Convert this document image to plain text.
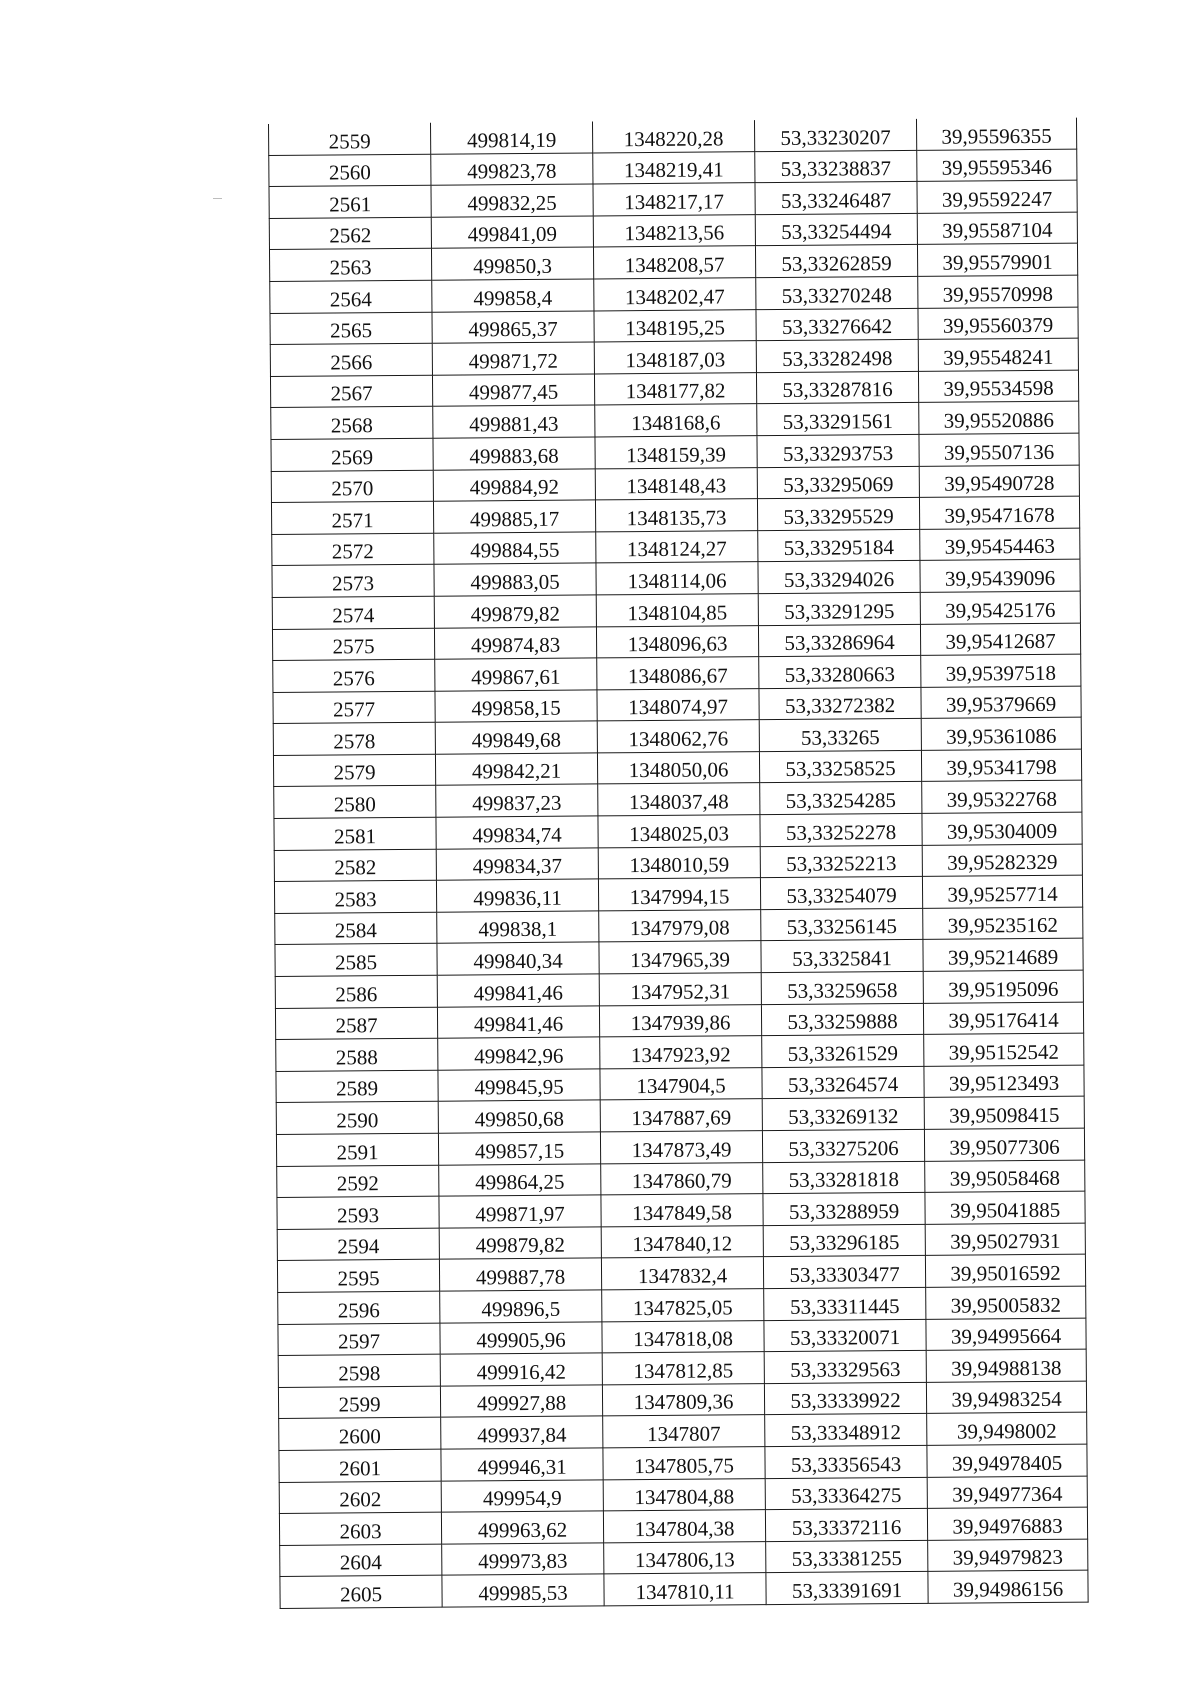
2559	499814,19	1348220,28	53,33230207	39,95596355
2560	499823,78	1348219,41	53,33238837	39,95595346
2561	499832,25	1348217,17	53,33246487	39,95592247
2562	499841,09	1348213,56	53,33254494	39,95587104
2563	499850,3	1348208,57	53,33262859	39,95579901
2564	499858,4	1348202,47	53,33270248	39,95570998
2565	499865,37	1348195,25	53,33276642	39,95560379
2566	499871,72	1348187,03	53,33282498	39,95548241
2567	499877,45	1348177,82	53,33287816	39,95534598
2568	499881,43	1348168,6	53,33291561	39,95520886
2569	499883,68	1348159,39	53,33293753	39,95507136
2570	499884,92	1348148,43	53,33295069	39,95490728
2571	499885,17	1348135,73	53,33295529	39,95471678
2572	499884,55	1348124,27	53,33295184	39,95454463
2573	499883,05	1348114,06	53,33294026	39,95439096
2574	499879,82	1348104,85	53,33291295	39,95425176
2575	499874,83	1348096,63	53,33286964	39,95412687
2576	499867,61	1348086,67	53,33280663	39,95397518
2577	499858,15	1348074,97	53,33272382	39,95379669
2578	499849,68	1348062,76	53,33265	39,95361086
2579	499842,21	1348050,06	53,33258525	39,95341798
2580	499837,23	1348037,48	53,33254285	39,95322768
2581	499834,74	1348025,03	53,33252278	39,95304009
2582	499834,37	1348010,59	53,33252213	39,95282329
2583	499836,11	1347994,15	53,33254079	39,95257714
2584	499838,1	1347979,08	53,33256145	39,95235162
2585	499840,34	1347965,39	53,3325841	39,95214689
2586	499841,46	1347952,31	53,33259658	39,95195096
2587	499841,46	1347939,86	53,33259888	39,95176414
2588	499842,96	1347923,92	53,33261529	39,95152542
2589	499845,95	1347904,5	53,33264574	39,95123493
2590	499850,68	1347887,69	53,33269132	39,95098415
2591	499857,15	1347873,49	53,33275206	39,95077306
2592	499864,25	1347860,79	53,33281818	39,95058468
2593	499871,97	1347849,58	53,33288959	39,95041885
2594	499879,82	1347840,12	53,33296185	39,95027931
2595	499887,78	1347832,4	53,33303477	39,95016592
2596	499896,5	1347825,05	53,33311445	39,95005832
2597	499905,96	1347818,08	53,33320071	39,94995664
2598	499916,42	1347812,85	53,33329563	39,94988138
2599	499927,88	1347809,36	53,33339922	39,94983254
2600	499937,84	1347807	53,33348912	39,9498002
2601	499946,31	1347805,75	53,33356543	39,94978405
2602	499954,9	1347804,88	53,33364275	39,94977364
2603	499963,62	1347804,38	53,33372116	39,94976883
2604	499973,83	1347806,13	53,33381255	39,94979823
2605	499985,53	1347810,11	53,33391691	39,94986156
